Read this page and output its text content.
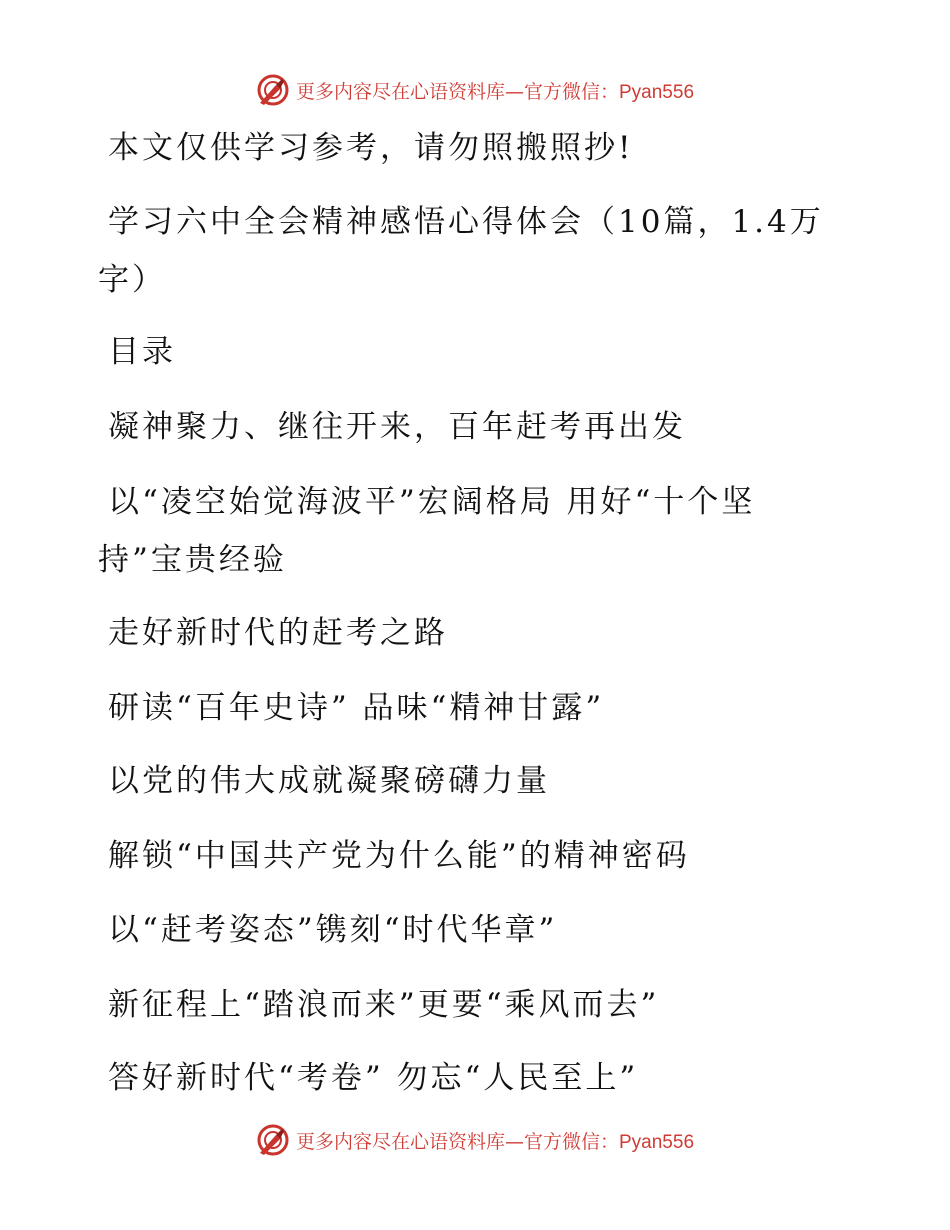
更多内容尽在心语资料库—官方微信：Pyan556

本文仅供学习参考，请勿照搬照抄!

学习六中全会精神感悟心得体会（10篇，1.4万

字）

目录

凝神聚力、继往开来，百年赶考再出发

以“凌空始觉海波平”宏阔格局 用好“十个坚

持”宝贵经验

走好新时代的赶考之路

研读“百年史诗” 品味“精神甘露”

以党的伟大成就凝聚磅礴力量

解锁“中国共产党为什么能”的精神密码

以“赶考姿态”镌刻“时代华章”

新征程上“踏浪而来”更要“乘风而去”

答好新时代“考卷” 勿忘“人民至上”

更多内容尽在心语资料库—官方微信：Pyan556
